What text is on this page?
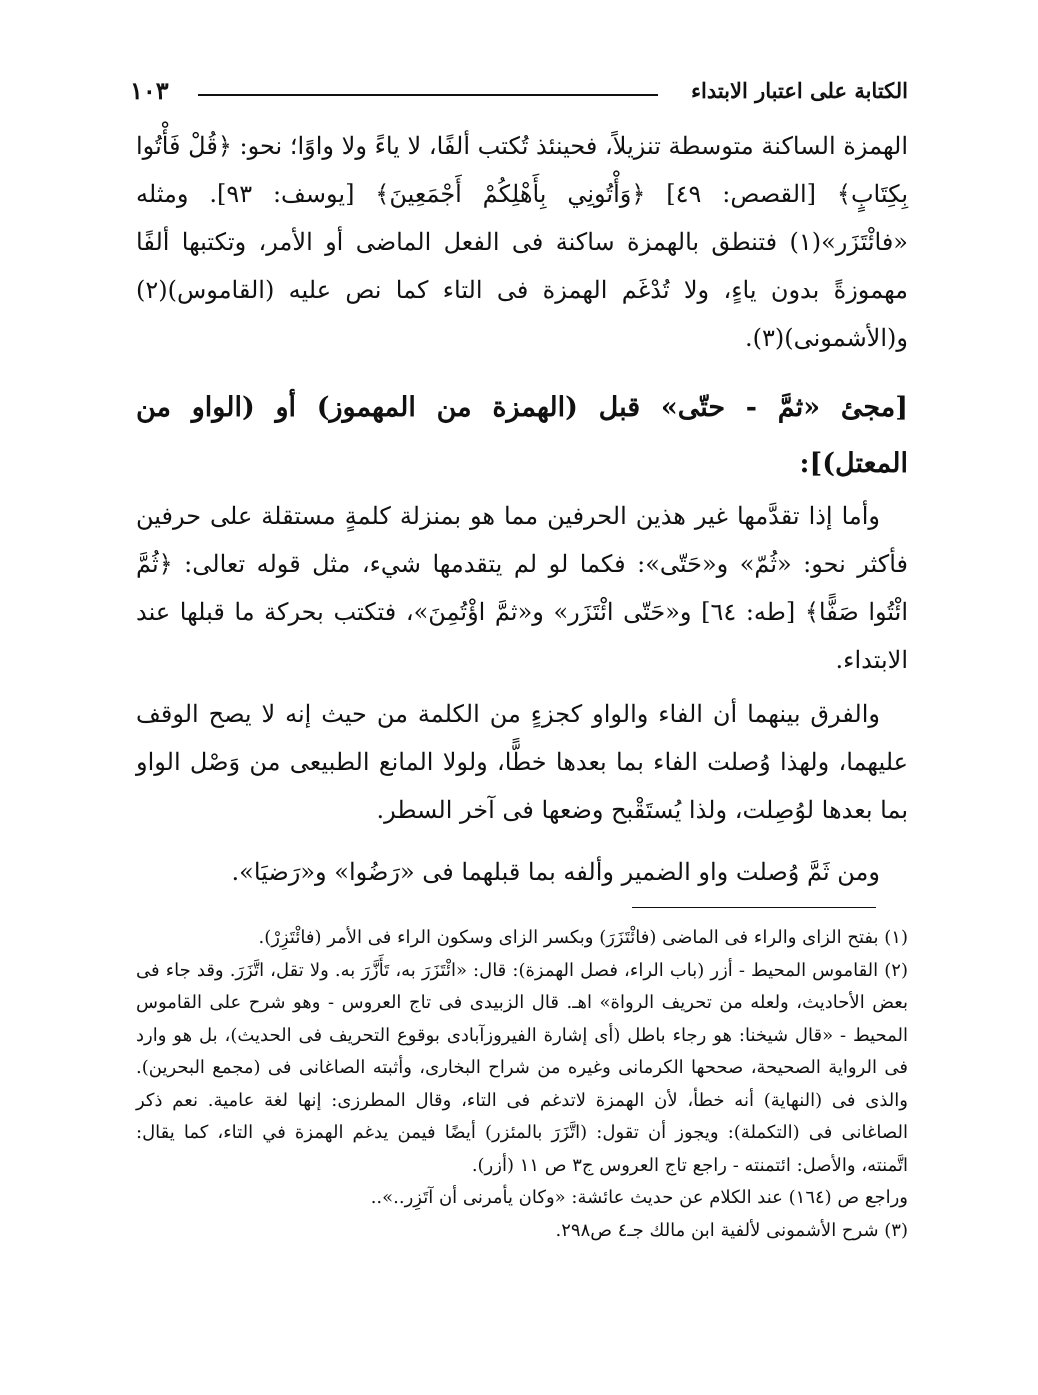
الكتابة على اعتبار الابتداء
١٠٣
الهمزة الساكنة متوسطة تنزيلاً، فحينئذ تُكتب ألفًا، لا ياءً ولا واوًا؛ نحو: ﴿قُلْ فَأْتُوا بِكِتَابٍ﴾ [القصص: ٤٩] ﴿وَأْتُونِي بِأَهْلِكُمْ أَجْمَعِينَ﴾ [يوسف: ٩٣]. ومثله «فائْتَزَر»(١) فتنطق بالهمزة ساكنة فى الفعل الماضى أو الأمر، وتكتبها ألفًا مهموزةً بدون ياءٍ، ولا تُدْغَم الهمزة فى التاء كما نص عليه (القاموس)(٢) و(الأشمونى)(٣).
[مجئ «ثمَّ - حتّى» قبل (الهمزة من المهموز) أو (الواو من المعتل)]:
وأما إذا تقدَّمها غير هذين الحرفين مما هو بمنزلة كلمةٍ مستقلة على حرفين فأكثر نحو: «ثُمّ» و«حَتّى»: فكما لو لم يتقدمها شيء، مثل قوله تعالى: ﴿ثُمَّ ائْتُوا صَفًّا﴾ [طه: ٦٤] و«حَتّى ائْتَزَر» و«ثمَّ اؤْتُمِنَ»، فتكتب بحركة ما قبلها عند الابتداء.
والفرق بينهما أن الفاء والواو كجزءٍ من الكلمة من حيث إنه لا يصح الوقف عليهما، ولهذا وُصلت الفاء بما بعدها خطًّا، ولولا المانع الطبيعى من وَصْل الواو بما بعدها لوُصِلت، ولذا يُستَقْبح وضعها فى آخر السطر.
ومن ثَمَّ وُصلت واو الضمير وألفه بما قبلهما فى «رَضُوا» و«رَضيَا».

(١) بفتح الزاى والراء فى الماضى (فائْتَزَرَ) وبكسر الزاى وسكون الراء فى الأمر (فائْتَزِرْ).

(٢) القاموس المحيط - أزر (باب الراء، فصل الهمزة): قال: «ائْتَزَرَ به، تَأَزَّرَ به. ولا تقل، اتَّزَرَ. وقد جاء فى بعض الأحاديث، ولعله من تحريف الرواة» اهـ. قال الزبيدى فى تاج العروس - وهو شرح على القاموس المحيط - «قال شيخنا: هو رجاء باطل (أى إشارة الفيروزآبادى بوقوع التحريف فى الحديث)، بل هو وارد فى الرواية الصحيحة، صححها الكرمانى وغيره من شراح البخارى، وأثبته الصاغانى فى (مجمع البحرين). والذى فى (النهاية) أنه خطأ، لأن الهمزة لاتدغم فى التاء، وقال المطرزى: إنها لغة عامية. نعم ذكر الصاغانى فى (التكملة): ويجوز أن تقول: (اتَّزَرَ بالمئزر) أيضًا فيمن يدغم الهمزة في التاء، كما يقال: اتَّمنته، والأصل: ائتمنته - راجع تاج العروس ج٣ ص ١١ (أزر).

وراجع ص (١٦٤) عند الكلام عن حديث عائشة: «وكان يأمرنى أن آتَزِر..»..

(٣) شرح الأشمونى لألفية ابن مالك جـ٤ ص٢٩٨.
